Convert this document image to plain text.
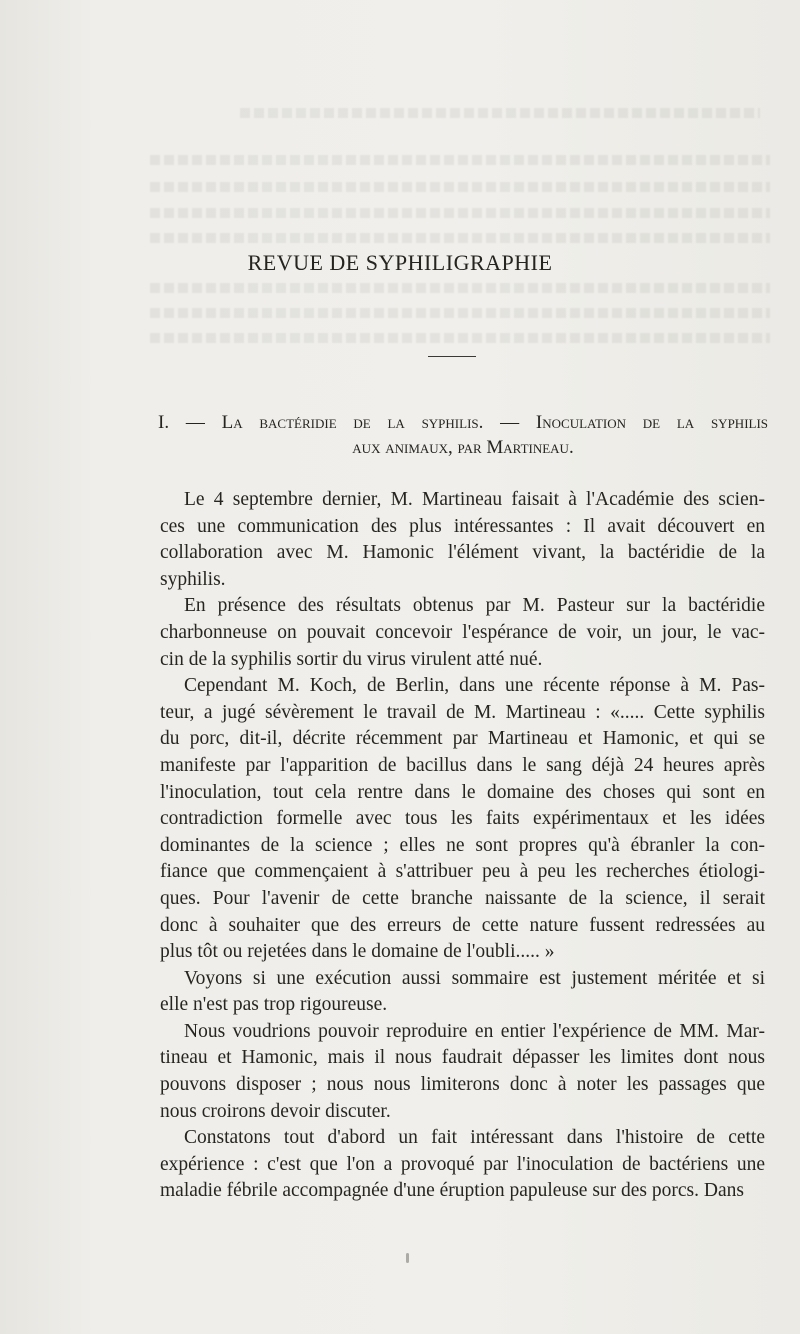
REVUE DE SYPHILIGRAPHIE
I. — La bactéridie de la syphilis. — Inoculation de la syphilis
aux animaux, par Martineau.
Le 4 septembre dernier, M. Martineau faisait à l'Académie des scien-
ces une communication des plus intéressantes : Il avait découvert en
collaboration avec M. Hamonic l'élément vivant, la bactéridie de la
syphilis.
En présence des résultats obtenus par M. Pasteur sur la bactéridie
charbonneuse on pouvait concevoir l'espérance de voir, un jour, le vac-
cin de la syphilis sortir du virus virulent atté nué.
Cependant M. Koch, de Berlin, dans une récente réponse à M. Pas-
teur, a jugé sévèrement le travail de M. Martineau : «..... Cette syphilis
du porc, dit-il, décrite récemment par Martineau et Hamonic, et qui se
manifeste par l'apparition de bacillus dans le sang déjà 24 heures après
l'inoculation, tout cela rentre dans le domaine des choses qui sont en
contradiction formelle avec tous les faits expérimentaux et les idées
dominantes de la science ; elles ne sont propres qu'à ébranler la con-
fiance que commençaient à s'attribuer peu à peu les recherches étiologi-
ques. Pour l'avenir de cette branche naissante de la science, il serait
donc à souhaiter que des erreurs de cette nature fussent redressées au
plus tôt ou rejetées dans le domaine de l'oubli..... »
Voyons si une exécution aussi sommaire est justement méritée et si
elle n'est pas trop rigoureuse.
Nous voudrions pouvoir reproduire en entier l'expérience de MM. Mar-
tineau et Hamonic, mais il nous faudrait dépasser les limites dont nous
pouvons disposer ; nous nous limiterons donc à noter les passages que
nous croirons devoir discuter.
Constatons tout d'abord un fait intéressant dans l'histoire de cette
expérience : c'est que l'on a provoqué par l'inoculation de bactériens une
maladie fébrile accompagnée d'une éruption papuleuse sur des porcs. Dans
